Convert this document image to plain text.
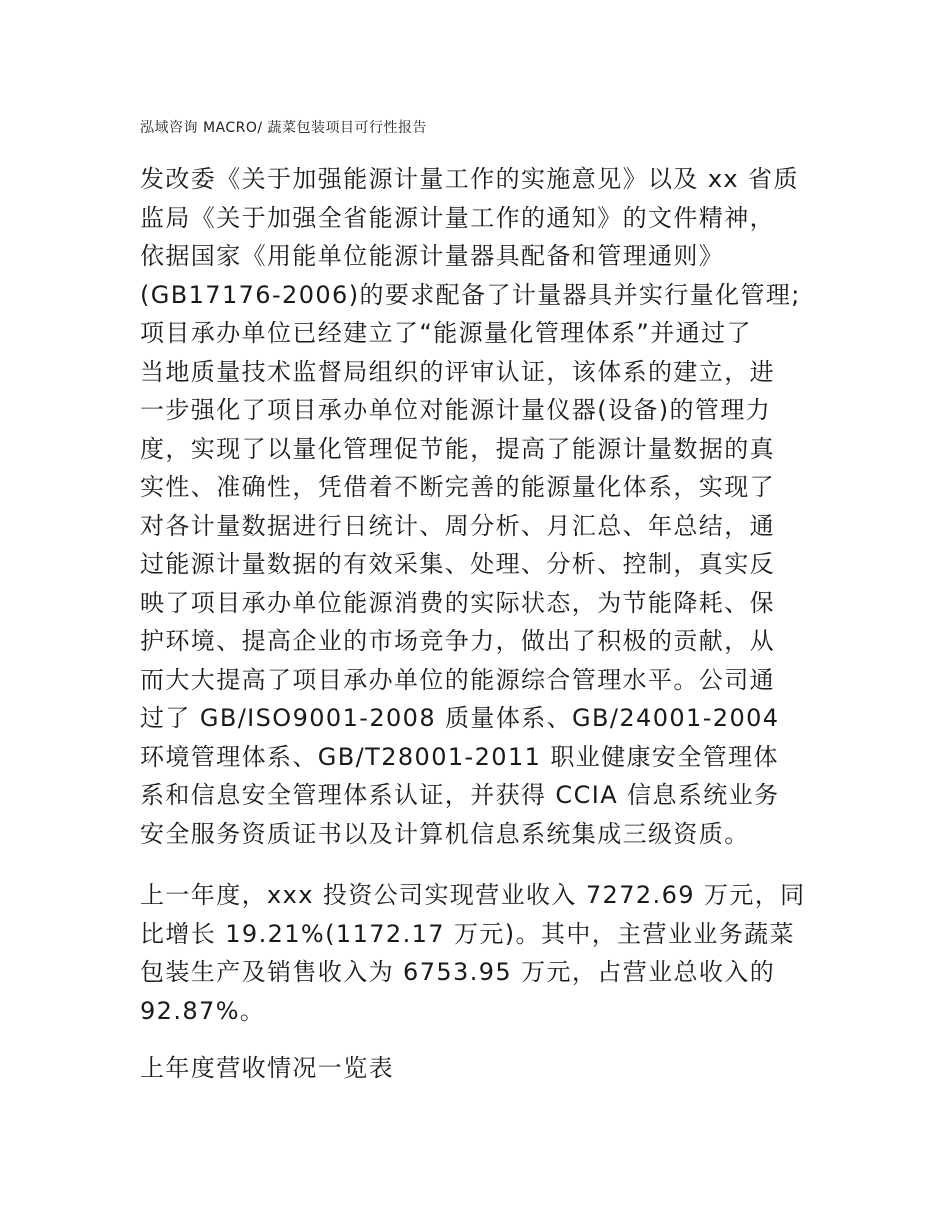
泓域咨询 MACRO/ 蔬菜包装项目可行性报告
发改委《关于加强能源计量工作的实施意见》以及 xx 省质
监局《关于加强全省能源计量工作的通知》的文件精神，
依据国家《用能单位能源计量器具配备和管理通则》
(GB17176-2006)的要求配备了计量器具并实行量化管理;
项目承办单位已经建立了“能源量化管理体系”并通过了
当地质量技术监督局组织的评审认证，该体系的建立，进
一步强化了项目承办单位对能源计量仪器(设备)的管理力
度，实现了以量化管理促节能，提高了能源计量数据的真
实性、准确性，凭借着不断完善的能源量化体系，实现了
对各计量数据进行日统计、周分析、月汇总、年总结，通
过能源计量数据的有效采集、处理、分析、控制，真实反
映了项目承办单位能源消费的实际状态，为节能降耗、保
护环境、提高企业的市场竞争力，做出了积极的贡献，从
而大大提高了项目承办单位的能源综合管理水平。公司通
过了 GB/ISO9001-2008 质量体系、GB/24001-2004
环境管理体系、GB/T28001-2011 职业健康安全管理体
系和信息安全管理体系认证，并获得 CCIA 信息系统业务
安全服务资质证书以及计算机信息系统集成三级资质。
上一年度，xxx 投资公司实现营业收入 7272.69 万元，同
比增长 19.21%(1172.17 万元)。其中，主营业业务蔬菜
包装生产及销售收入为 6753.95 万元，占营业总收入的
92.87%。
上年度营收情况一览表
